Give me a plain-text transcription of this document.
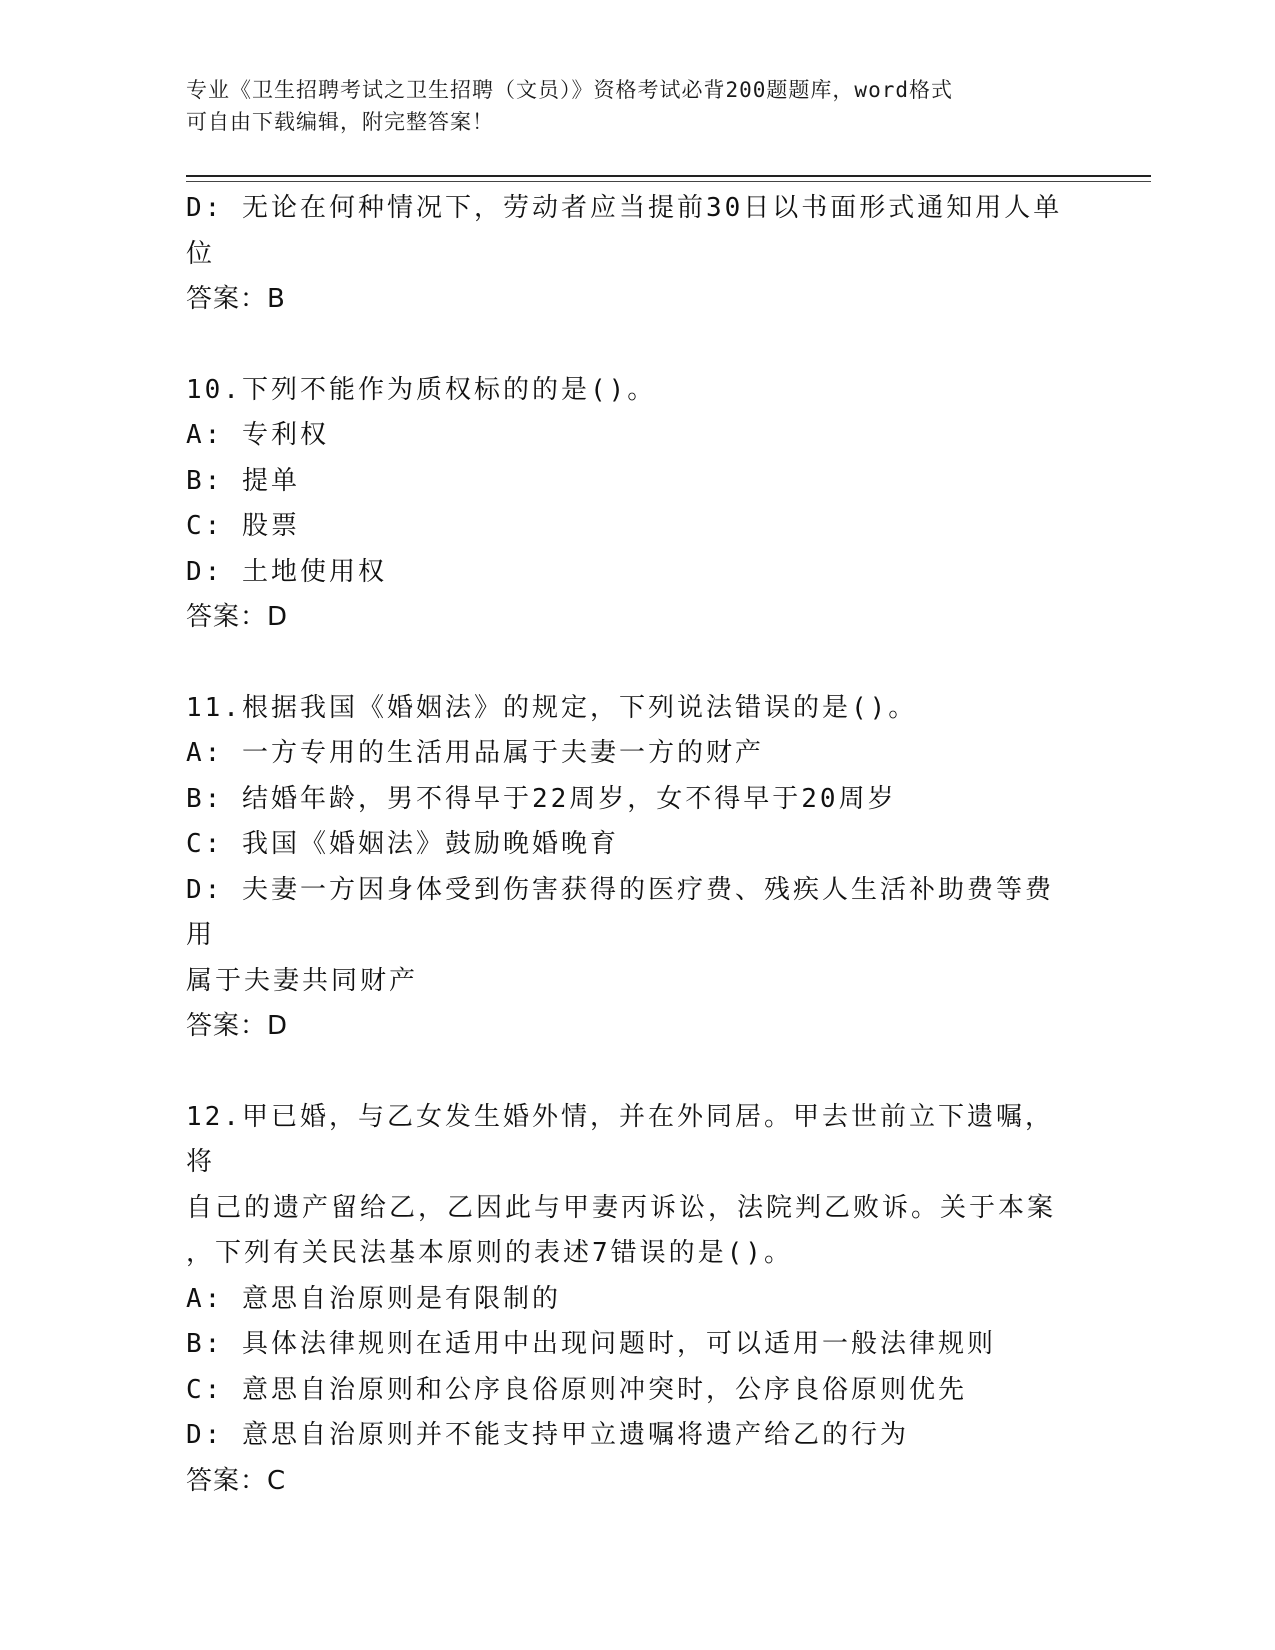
专业《卫生招聘考试之卫生招聘（文员）》资格考试必背200题题库，word格式
可自由下载编辑，附完整答案！
D: 无论在何种情况下，劳动者应当提前30日以书面形式通知用人单
位
答案：B
10.下列不能作为质权标的的是()。
A: 专利权
B: 提单
C: 股票
D: 土地使用权
答案：D
11.根据我国《婚姻法》的规定，下列说法错误的是()。
A: 一方专用的生活用品属于夫妻一方的财产
B: 结婚年龄，男不得早于22周岁，女不得早于20周岁
C: 我国《婚姻法》鼓励晚婚晚育
D: 夫妻一方因身体受到伤害获得的医疗费、残疾人生活补助费等费用
属于夫妻共同财产
答案：D
12.甲已婚，与乙女发生婚外情，并在外同居。甲去世前立下遗嘱，将
自己的遗产留给乙，乙因此与甲妻丙诉讼，法院判乙败诉。关于本案
，下列有关民法基本原则的表述7错误的是()。
A: 意思自治原则是有限制的
B: 具体法律规则在适用中出现问题时，可以适用一般法律规则
C: 意思自治原则和公序良俗原则冲突时，公序良俗原则优先
D: 意思自治原则并不能支持甲立遗嘱将遗产给乙的行为
答案：C
